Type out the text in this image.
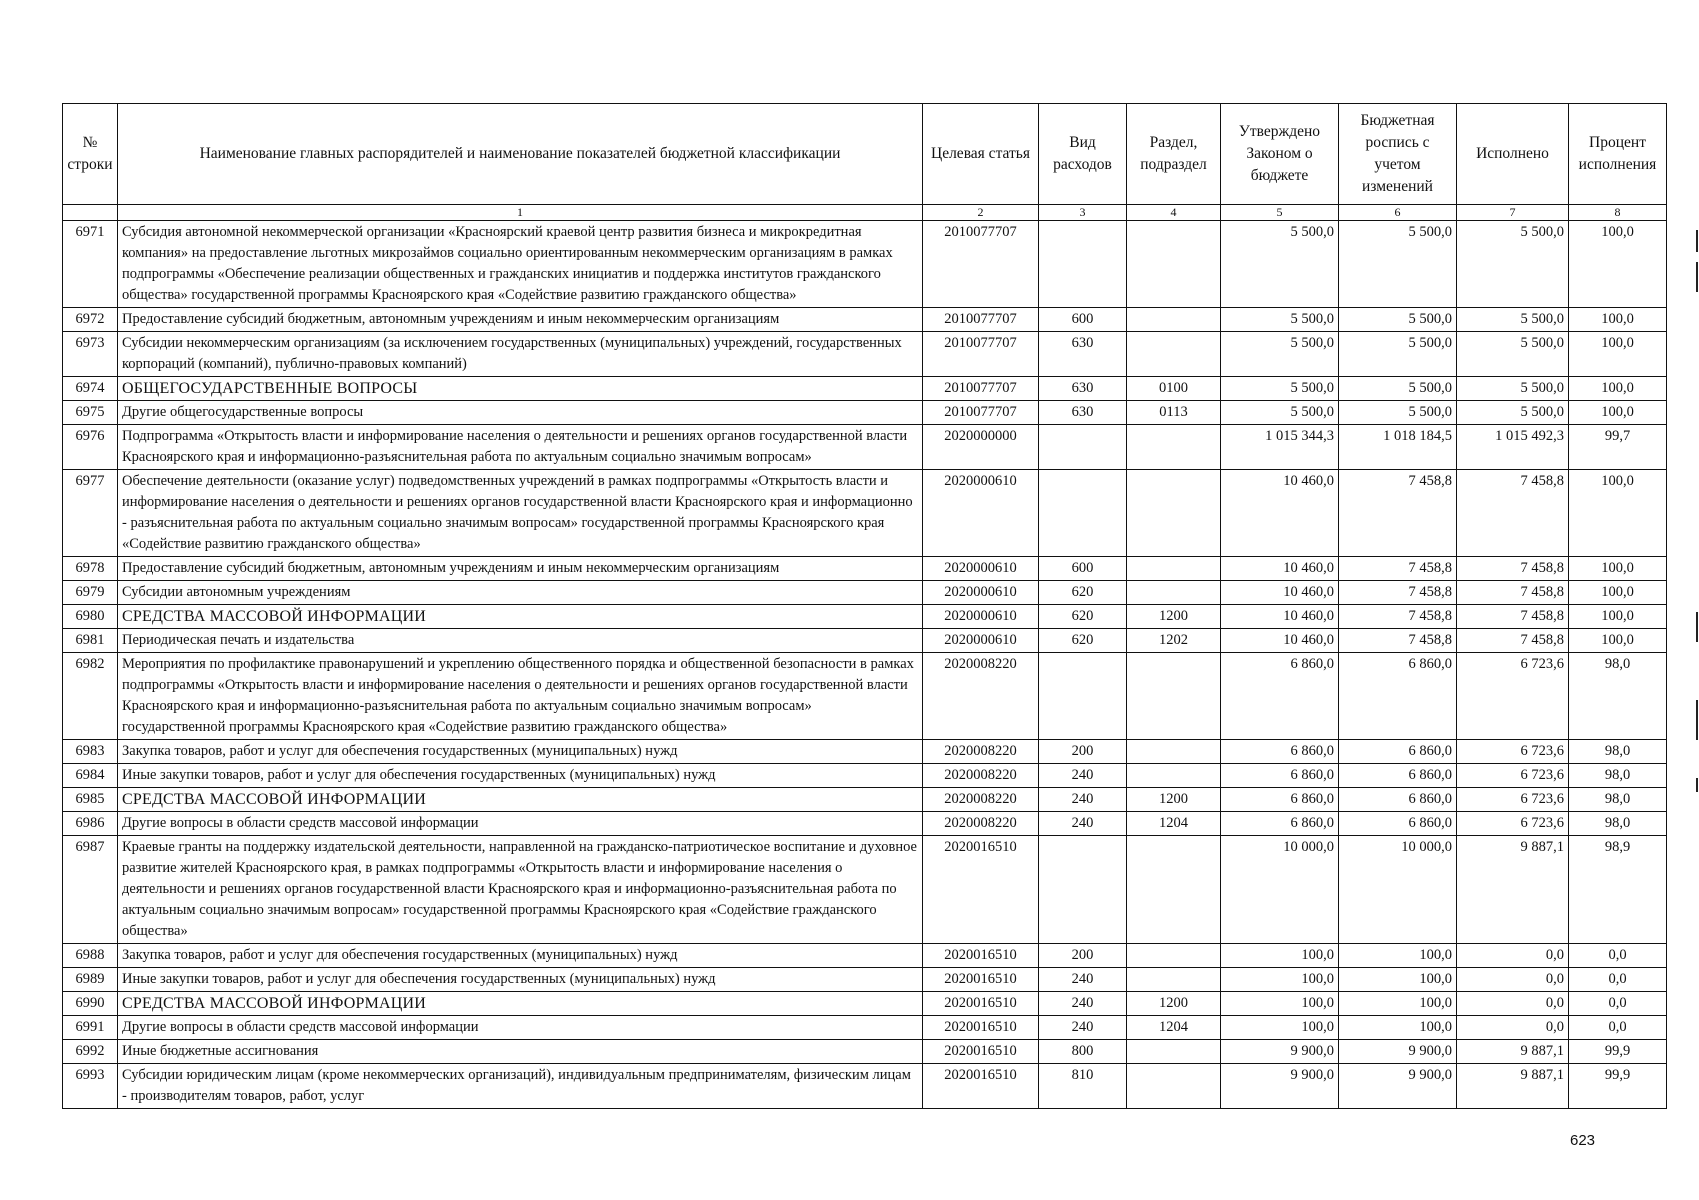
№ строки	Наименование главных распорядителей и наименование показателей бюджетной классификации	Целевая статья	Вид расходов	Раздел, подраздел	Утверждено Законом о бюджете	Бюджетная роспись с учетом изменений	Исполнено	Процент исполнения
	1	2	3	4	5	6	7	8
6971	Субсидия автономной некоммерческой организации «Красноярский краевой центр развития бизнеса и микрокредитная компания» на предоставление льготных микрозаймов социально ориентированным некоммерческим организациям в рамках подпрограммы «Обеспечение реализации общественных и гражданских инициатив и поддержка институтов гражданского общества» государственной программы Красноярского края «Содействие развитию гражданского общества»	2010077707			5 500,0	5 500,0	5 500,0	100,0
6972	Предоставление субсидий бюджетным, автономным учреждениям и иным некоммерческим организациям	2010077707	600		5 500,0	5 500,0	5 500,0	100,0
6973	Субсидии некоммерческим организациям (за исключением государственных (муниципальных) учреждений, государственных корпораций (компаний), публично-правовых компаний)	2010077707	630		5 500,0	5 500,0	5 500,0	100,0
6974	ОБЩЕГОСУДАРСТВЕННЫЕ ВОПРОСЫ	2010077707	630	0100	5 500,0	5 500,0	5 500,0	100,0
6975	Другие общегосударственные вопросы	2010077707	630	0113	5 500,0	5 500,0	5 500,0	100,0
6976	Подпрограмма «Открытость власти и информирование населения о деятельности и решениях органов государственной власти Красноярского края и информационно-разъяснительная работа по актуальным социально значимым вопросам»	2020000000			1 015 344,3	1 018 184,5	1 015 492,3	99,7
6977	Обеспечение деятельности (оказание услуг) подведомственных учреждений в рамках подпрограммы «Открытость власти и информирование населения о деятельности и решениях органов государственной власти Красноярского края и информационно - разъяснительная работа по актуальным социально значимым вопросам» государственной программы Красноярского края «Содействие развитию гражданского общества»	2020000610			10 460,0	7 458,8	7 458,8	100,0
6978	Предоставление субсидий бюджетным, автономным учреждениям и иным некоммерческим организациям	2020000610	600		10 460,0	7 458,8	7 458,8	100,0
6979	Субсидии автономным учреждениям	2020000610	620		10 460,0	7 458,8	7 458,8	100,0
6980	СРЕДСТВА МАССОВОЙ ИНФОРМАЦИИ	2020000610	620	1200	10 460,0	7 458,8	7 458,8	100,0
6981	Периодическая печать и издательства	2020000610	620	1202	10 460,0	7 458,8	7 458,8	100,0
6982	Мероприятия по профилактике правонарушений и укреплению общественного порядка и общественной безопасности в рамках подпрограммы «Открытость власти и информирование населения о деятельности и решениях органов государственной власти Красноярского края и информационно-разъяснительная работа по актуальным социально значимым вопросам» государственной программы Красноярского края «Содействие развитию гражданского общества»	2020008220			6 860,0	6 860,0	6 723,6	98,0
6983	Закупка товаров, работ и услуг для обеспечения государственных (муниципальных) нужд	2020008220	200		6 860,0	6 860,0	6 723,6	98,0
6984	Иные закупки товаров, работ и услуг для обеспечения государственных (муниципальных) нужд	2020008220	240		6 860,0	6 860,0	6 723,6	98,0
6985	СРЕДСТВА МАССОВОЙ ИНФОРМАЦИИ	2020008220	240	1200	6 860,0	6 860,0	6 723,6	98,0
6986	Другие вопросы в области средств массовой информации	2020008220	240	1204	6 860,0	6 860,0	6 723,6	98,0
6987	Краевые гранты на поддержку издательской деятельности, направленной на гражданско-патриотическое воспитание и духовное развитие жителей Красноярского края, в рамках подпрограммы «Открытость власти и информирование населения о деятельности и решениях органов государственной власти Красноярского края и информационно-разъяснительная работа по актуальным социально значимым вопросам» государственной программы Красноярского края «Содействие гражданского общества»	2020016510			10 000,0	10 000,0	9 887,1	98,9
6988	Закупка товаров, работ и услуг для обеспечения государственных (муниципальных) нужд	2020016510	200		100,0	100,0	0,0	0,0
6989	Иные закупки товаров, работ и услуг для обеспечения государственных (муниципальных) нужд	2020016510	240		100,0	100,0	0,0	0,0
6990	СРЕДСТВА МАССОВОЙ ИНФОРМАЦИИ	2020016510	240	1200	100,0	100,0	0,0	0,0
6991	Другие вопросы в области средств массовой информации	2020016510	240	1204	100,0	100,0	0,0	0,0
6992	Иные бюджетные ассигнования	2020016510	800		9 900,0	9 900,0	9 887,1	99,9
6993	Субсидии юридическим лицам (кроме некоммерческих организаций), индивидуальным предпринимателям, физическим лицам - производителям товаров, работ, услуг	2020016510	810		9 900,0	9 900,0	9 887,1	99,9
623
